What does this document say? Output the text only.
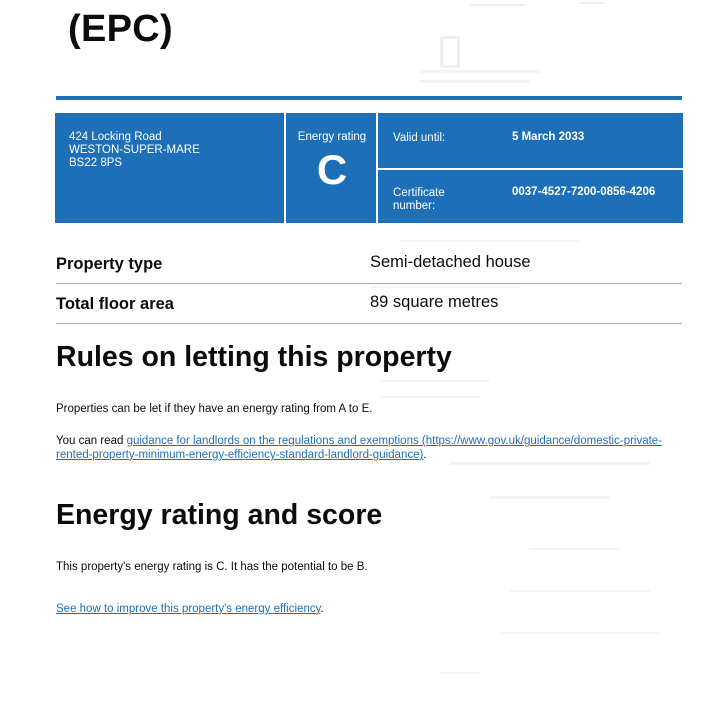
(EPC)
424 Locking Road
WESTON-SUPER-MARE
BS22 8PS
Energy rating
C
Valid until:	5 March 2033
Certificate number:
0037-4527-7200-0856-4206
Property type	Semi-detached house
Total floor area	89 square metres
Rules on letting this property

Properties can be let if they have an energy rating from A to E.

You can read guidance for landlords on the regulations and exemptions (https://www.gov.uk/guidance/domestic-private-rented-property-minimum-energy-efficiency-standard-landlord-guidance).

Energy rating and score

This property's energy rating is C. It has the potential to be B.

See how to improve this property's energy efficiency.
